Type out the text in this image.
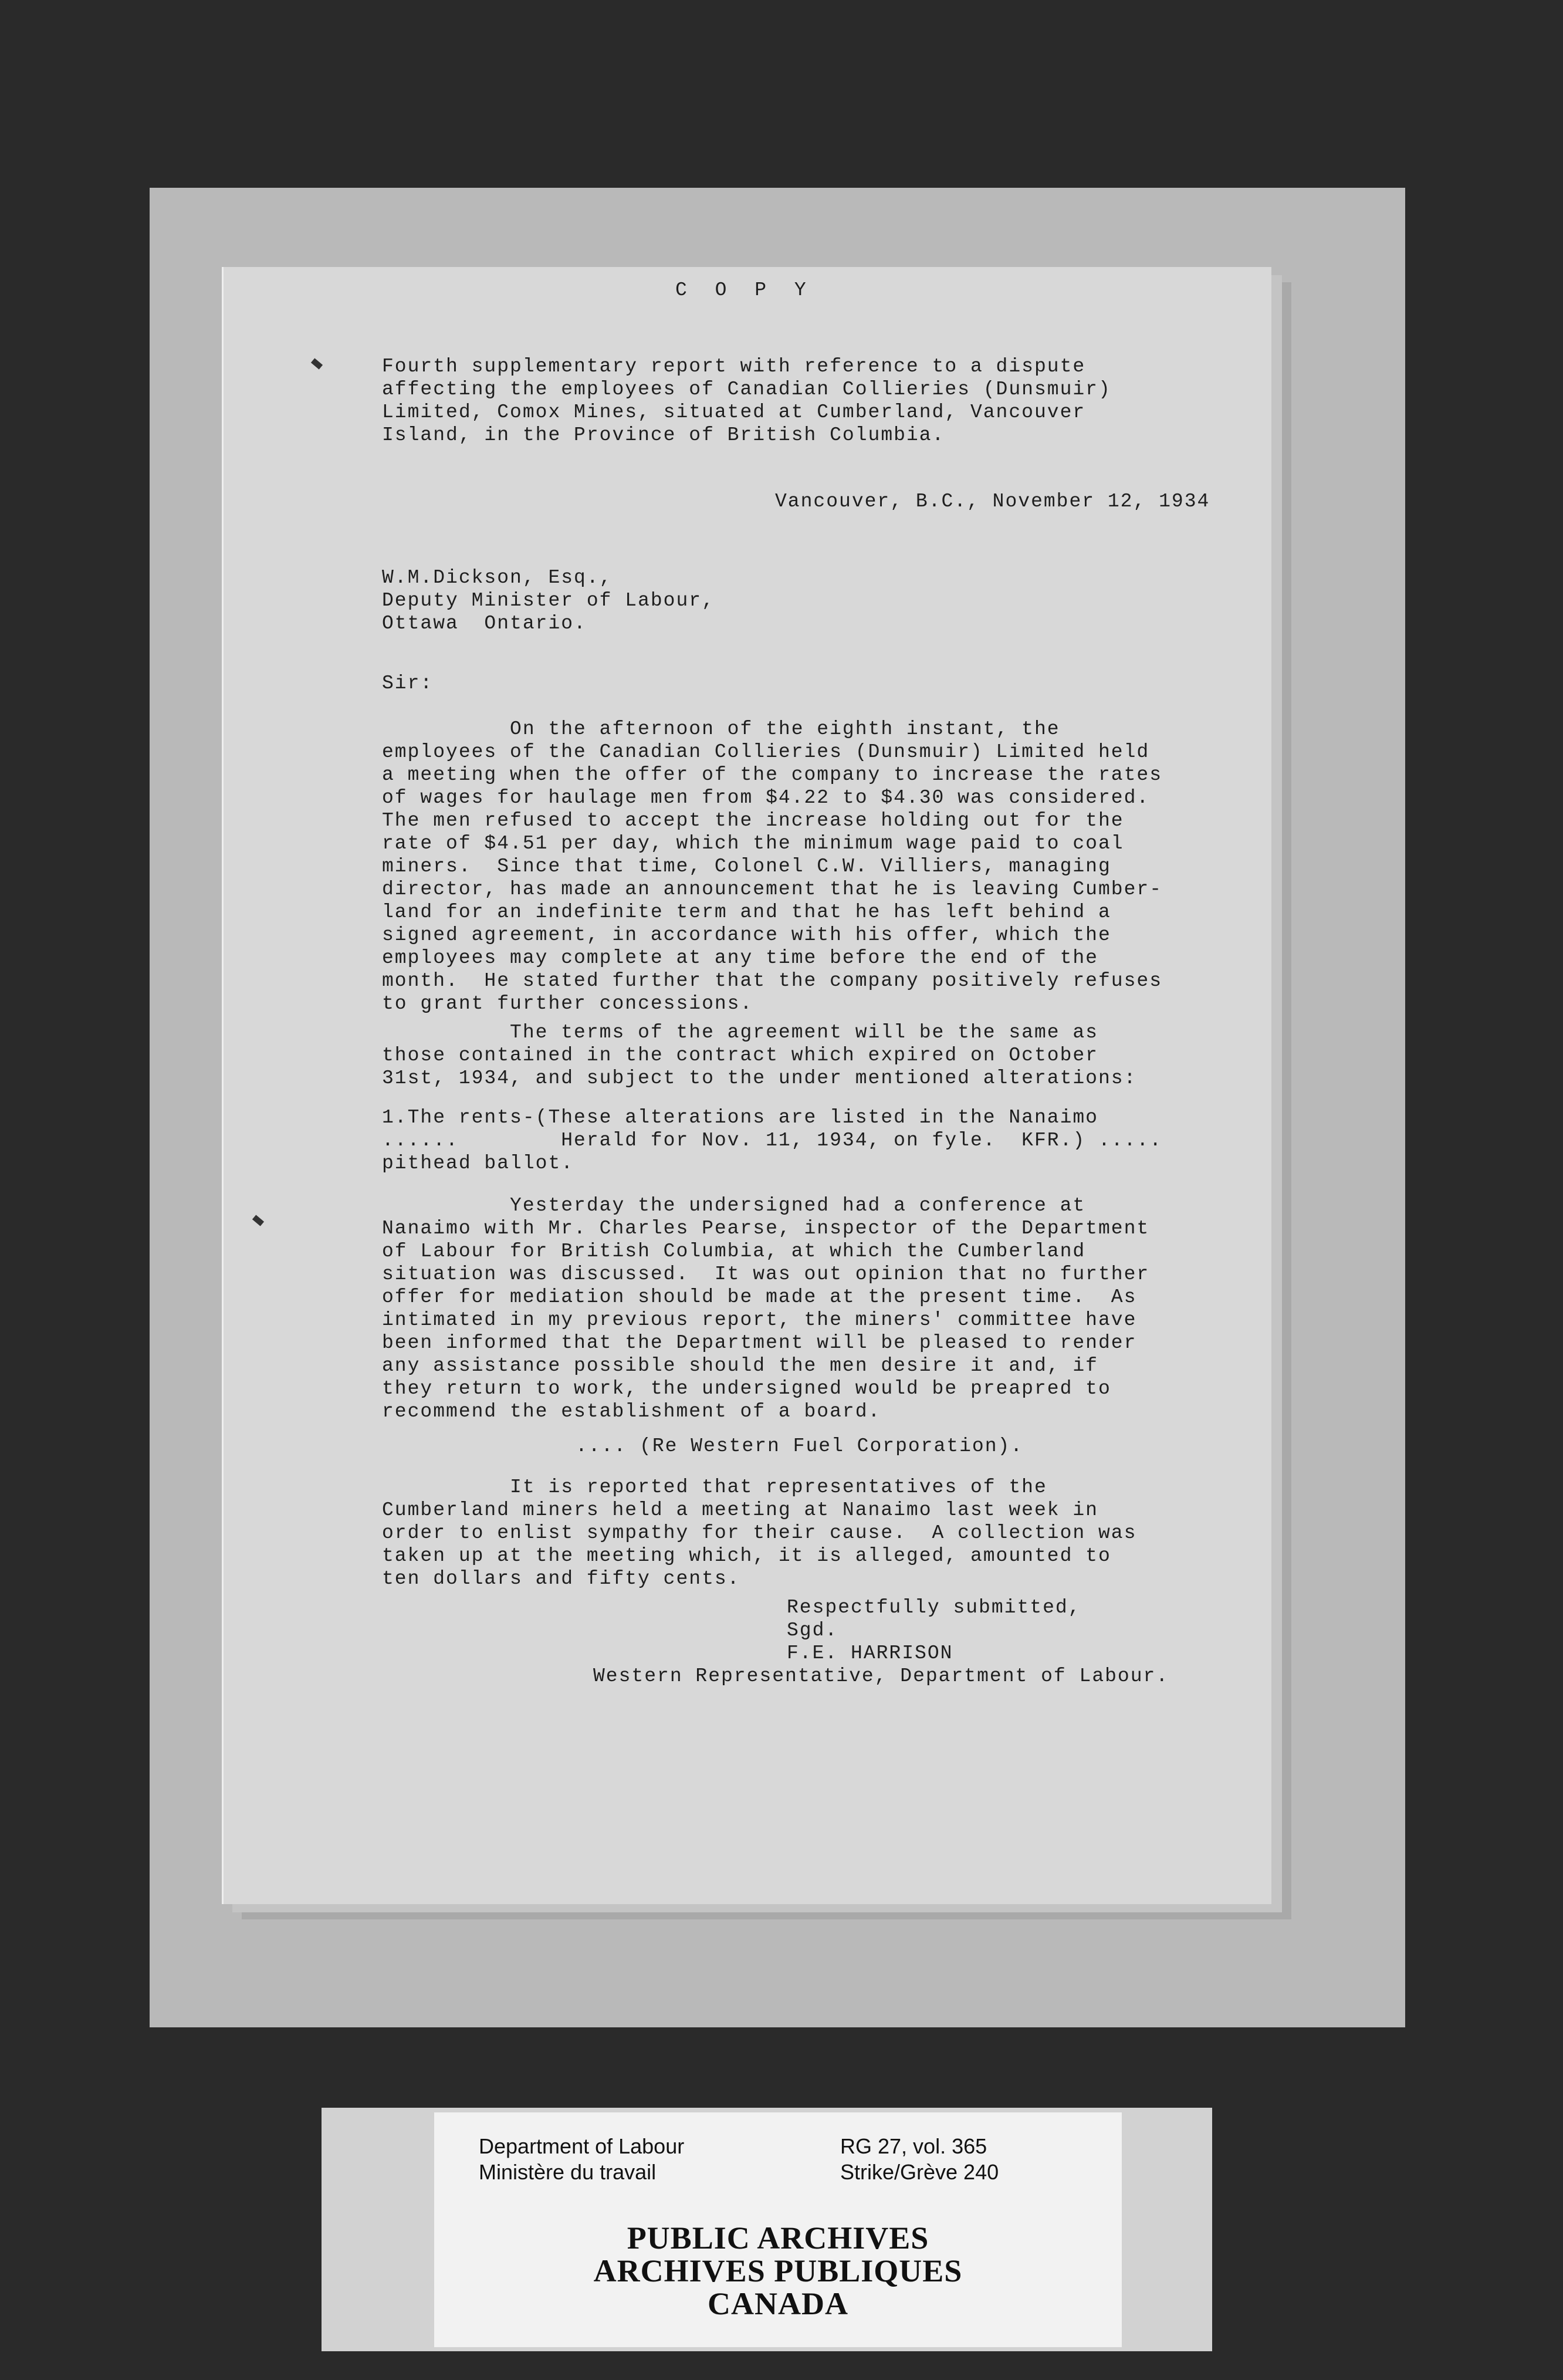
C O P Y
Fourth supplementary report with reference to a dispute
affecting the employees of Canadian Collieries (Dunsmuir)
Limited, Comox Mines, situated at Cumberland, Vancouver
Island, in the Province of British Columbia.
Vancouver, B.C., November 12, 1934
W.M.Dickson, Esq.,
Deputy Minister of Labour,
Ottawa  Ontario.
Sir:
On the afternoon of the eighth instant, the
employees of the Canadian Collieries (Dunsmuir) Limited held
a meeting when the offer of the company to increase the rates
of wages for haulage men from $4.22 to $4.30 was considered.
The men refused to accept the increase holding out for the
rate of $4.51 per day, which the minimum wage paid to coal
miners.  Since that time, Colonel C.W. Villiers, managing
director, has made an announcement that he is leaving Cumber-
land for an indefinite term and that he has left behind a
signed agreement, in accordance with his offer, which the
employees may complete at any time before the end of the
month.  He stated further that the company positively refuses
to grant further concessions.
The terms of the agreement will be the same as
those contained in the contract which expired on October
31st, 1934, and subject to the under mentioned alterations:
1.The rents-(These alterations are listed in the Nanaimo
......        Herald for Nov. 11, 1934, on fyle.  KFR.) .....
pithead ballot.
Yesterday the undersigned had a conference at
Nanaimo with Mr. Charles Pearse, inspector of the Department
of Labour for British Columbia, at which the Cumberland
situation was discussed.  It was out opinion that no further
offer for mediation should be made at the present time.  As
intimated in my previous report, the miners' committee have
been informed that the Department will be pleased to render
any assistance possible should the men desire it and, if
they return to work, the undersigned would be preapred to
recommend the establishment of a board.
.... (Re Western Fuel Corporation).
It is reported that representatives of the
Cumberland miners held a meeting at Nanaimo last week in
order to enlist sympathy for their cause.  A collection was
taken up at the meeting which, it is alleged, amounted to
ten dollars and fifty cents.
Respectfully submitted,
Sgd.
F.E. HARRISON
Western Representative, Department of Labour.
Department of Labour
Ministère du travail
RG 27, vol. 365
Strike/Grève 240
PUBLIC ARCHIVES
ARCHIVES PUBLIQUES
CANADA
